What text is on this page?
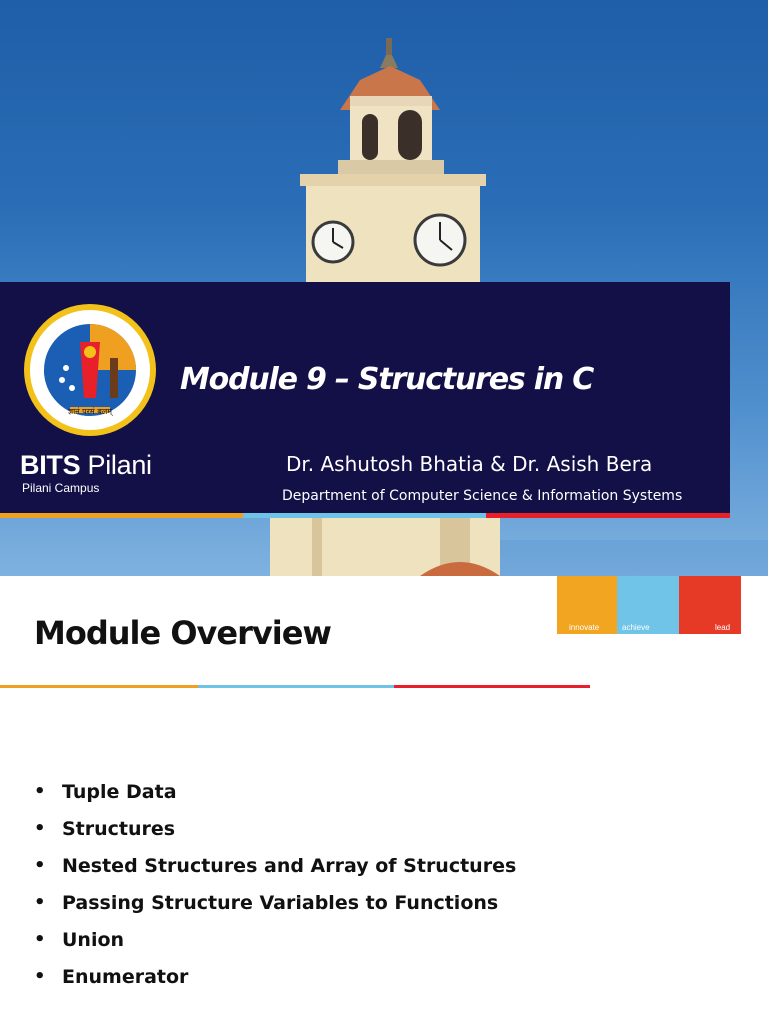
ज्ञानं परमं बलम्
BITS Pilani
Pilani Campus
Module 9 – Structures in C
Dr. Ashutosh Bhatia & Dr. Asish Bera
Department of Computer Science & Information Systems
Module Overview	innovate	achieve	lead
• Tuple Data
• Structures
• Nested Structures and Array of Structures
• Passing Structure Variables to Functions
• Union
• Enumerator
